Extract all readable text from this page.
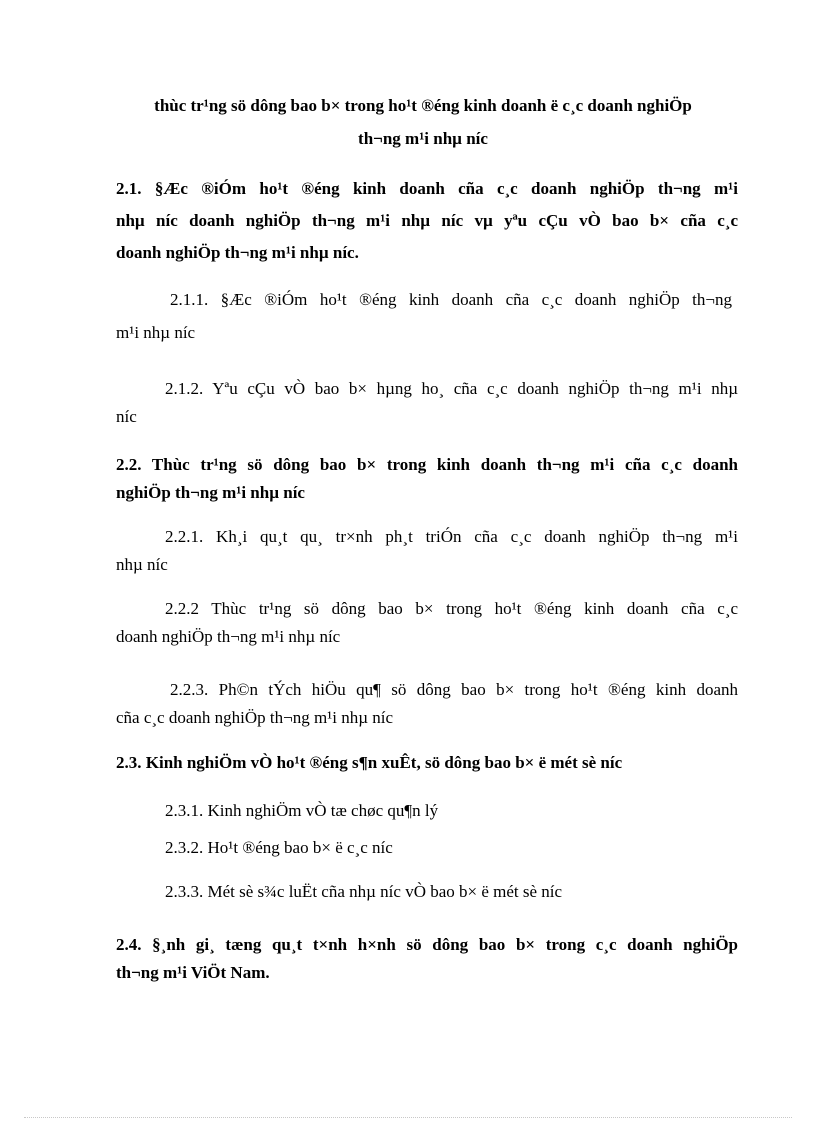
thùc tr¹ng sö dông bao b× trong ho¹t ®éng kinh doanh ë c¸c doanh nghiÖp
th¬ng m¹i nhµ níc
2.1. §Æc ®iÓm ho¹t ®éng kinh doanh cña c¸c doanh nghiÖp th¬ng m¹i
nhµ níc doanh nghiÖp th¬ng m¹i nhµ níc vµ yªu cÇu vÒ bao b× cña c¸c
doanh nghiÖp th¬ng m¹i nhµ níc.
2.1.1. §Æc ®iÓm ho¹t ®éng kinh doanh cña c¸c doanh nghiÖp th¬ng
m¹i nhµ níc
2.1.2. Yªu cÇu vÒ bao b× hµng ho¸ cña c¸c doanh nghiÖp th¬ng m¹i nhµ
níc
2.2. Thùc tr¹ng sö dông bao b× trong kinh doanh th¬ng m¹i cña c¸c doanh
nghiÖp th¬ng m¹i nhµ níc
2.2.1. Kh¸i qu¸t qu¸ tr×nh ph¸t triÓn cña c¸c doanh nghiÖp th¬ng m¹i
nhµ níc
2.2.2 Thùc tr¹ng sö dông bao b× trong ho¹t ®éng kinh doanh cña c¸c
doanh nghiÖp th¬ng m¹i nhµ níc
2.2.3. Ph©n tÝch hiÖu qu¶ sö dông bao b× trong ho¹t ®éng kinh doanh
cña c¸c doanh nghiÖp th¬ng m¹i nhµ níc
2.3. Kinh nghiÖm vÒ ho¹t ®éng s¶n xuÊt, sö dông bao b× ë mét sè níc
2.3.1. Kinh nghiÖm vÒ tæ chøc qu¶n lý
2.3.2. Ho¹t ®éng bao b× ë c¸c níc
2.3.3. Mét sè s¾c luËt cña nhµ níc vÒ bao b× ë mét sè níc
2.4. §¸nh gi¸ tæng qu¸t t×nh h×nh sö dông bao b× trong c¸c doanh nghiÖp
th¬ng m¹i ViÖt Nam.
